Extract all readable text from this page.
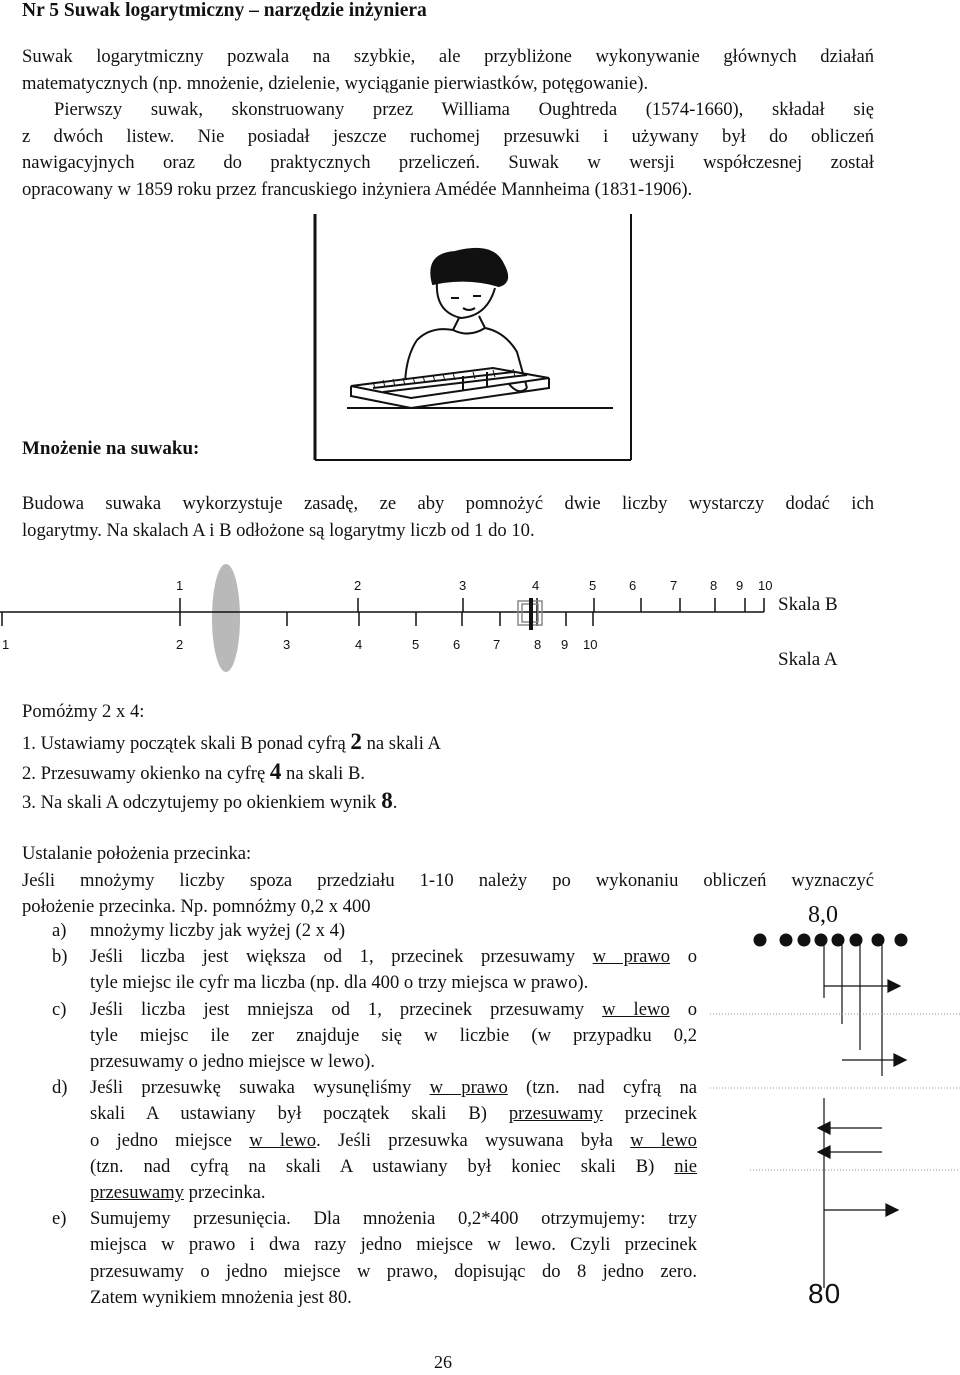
Nr 5 Suwak logarytmiczny – narzędzie inżyniera
Suwak logarytmiczny pozwala na szybkie, ale przybliżone wykonywanie głównych działań
matematycznych (np. mnożenie, dzielenie, wyciąganie pierwiastków, potęgowanie).
Pierwszy suwak, skonstruowany przez Williama Oughtreda (1574-1660), składał się
z dwóch listew. Nie posiadał jeszcze ruchomej przesuwki i używany był do obliczeń
nawigacyjnych oraz do praktycznych przeliczeń. Suwak w wersji współczesnej został
opracowany w 1859 roku przez francuskiego inżyniera Amédée Mannheima (1831-1906).
Mnożenie na suwaku:
Budowa suwaka wykorzystuje zasadę, ze aby pomnożyć dwie liczby wystarczy dodać ich
logarytmy. Na skalach A i B odłożone są logarytmy liczb od 1 do 10.
1	2	3	4	5	6	7	8 9 10
Skala B
1	2	3	4	5	6	7	8 9 10
Skala A
Pomóżmy 2 x 4:
1. Ustawiamy początek skali B ponad cyfrą 2 na skali A
2. Przesuwamy okienko na cyfrę 4 na skali B.
3. Na skali A odczytujemy po okienkiem wynik 8.
Ustalanie położenia przecinka:
Jeśli mnożymy liczby spoza przedziału 1-10 należy po wykonaniu obliczeń wyznaczyć
położenie przecinka. Np. pomnóżmy 0,2 x 400
a) mnożymy liczby jak wyżej (2 x 4)
b) Jeśli liczba jest większa od 1, przecinek przesuwamy w prawo o
tyle miejsc ile cyfr ma liczba (np. dla 400 o trzy miejsca w prawo).
c) Jeśli liczba jest mniejsza od 1, przecinek przesuwamy w lewo o
tyle miejsc ile zer znajduje się w liczbie (w przypadku 0,2
przesuwamy o jedno miejsce w lewo).
d) Jeśli przesuwkę suwaka wysunęliśmy w prawo (tzn. nad cyfrą na
skali A ustawiany był początek skali B) przesuwamy przecinek
o jedno miejsce w lewo. Jeśli przesuwka wysuwana była w lewo
(tzn. nad cyfrą na skali A ustawiany był koniec skali B) nie
przesuwamy przecinka.
e) Sumujemy przesunięcia. Dla mnożenia 0,2*400 otrzymujemy: trzy
miejsca w prawo i dwa razy jedno miejsce w lewo. Czyli przecinek
przesuwamy o jedno miejsce w prawo, dopisując do 8 jedno zero.
Zatem wynikiem mnożenia jest 80.
8,0
80
26
